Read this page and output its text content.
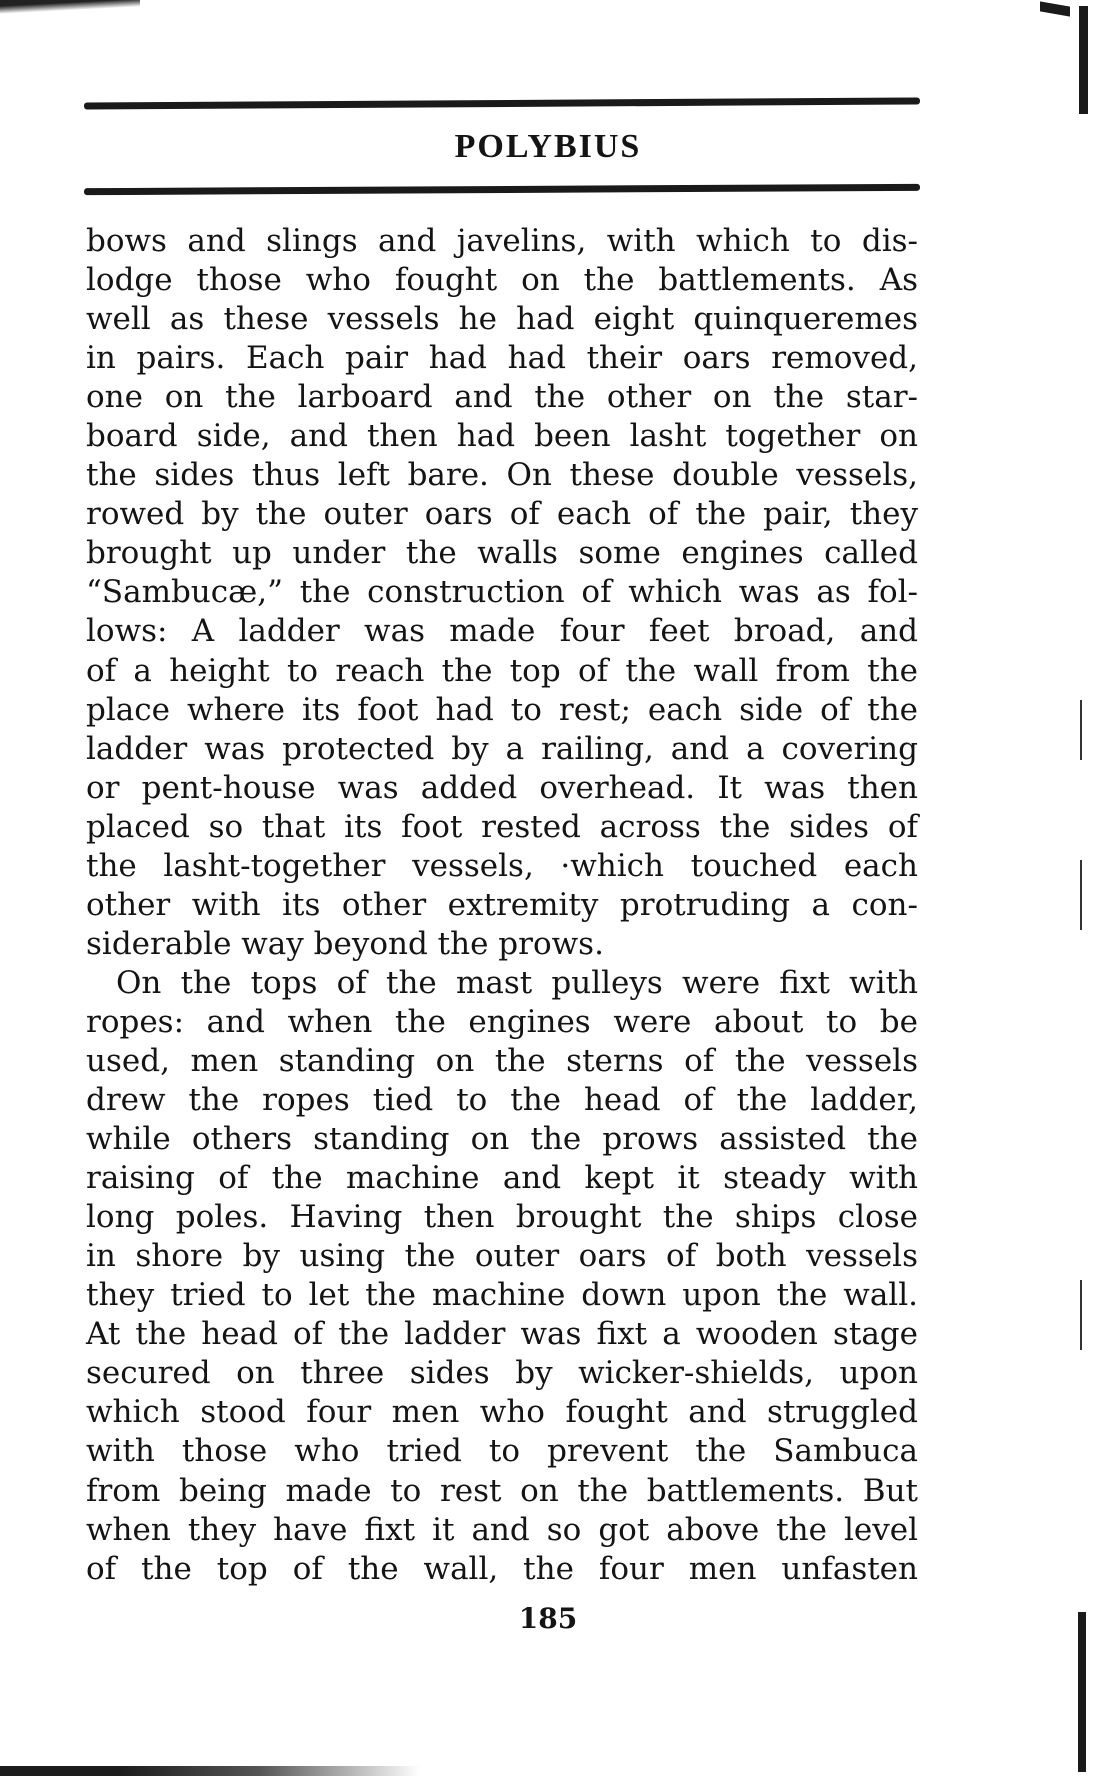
POLYBIUS
bows and slings and javelins, with which to dis-
lodge those who fought on the battlements. As
well as these vessels he had eight quinqueremes
in pairs. Each pair had had their oars removed,
one on the larboard and the other on the star-
board side, and then had been lasht together on
the sides thus left bare. On these double vessels,
rowed by the outer oars of each of the pair, they
brought up under the walls some engines called
“Sambucæ,” the construction of which was as fol-
lows: A ladder was made four feet broad, and
of a height to reach the top of the wall from the
place where its foot had to rest; each side of the
ladder was protected by a railing, and a covering
or pent-house was added overhead. It was then
placed so that its foot rested across the sides of
the lasht-together vessels, ·which touched each
other with its other extremity protruding a con-
siderable way beyond the prows.
On the tops of the mast pulleys were fixt with
ropes: and when the engines were about to be
used, men standing on the sterns of the vessels
drew the ropes tied to the head of the ladder,
while others standing on the prows assisted the
raising of the machine and kept it steady with
long poles. Having then brought the ships close
in shore by using the outer oars of both vessels
they tried to let the machine down upon the wall.
At the head of the ladder was fixt a wooden stage
secured on three sides by wicker-shields, upon
which stood four men who fought and struggled
with those who tried to prevent the Sambuca
from being made to rest on the battlements. But
when they have fixt it and so got above the level
of the top of the wall, the four men unfasten
185
